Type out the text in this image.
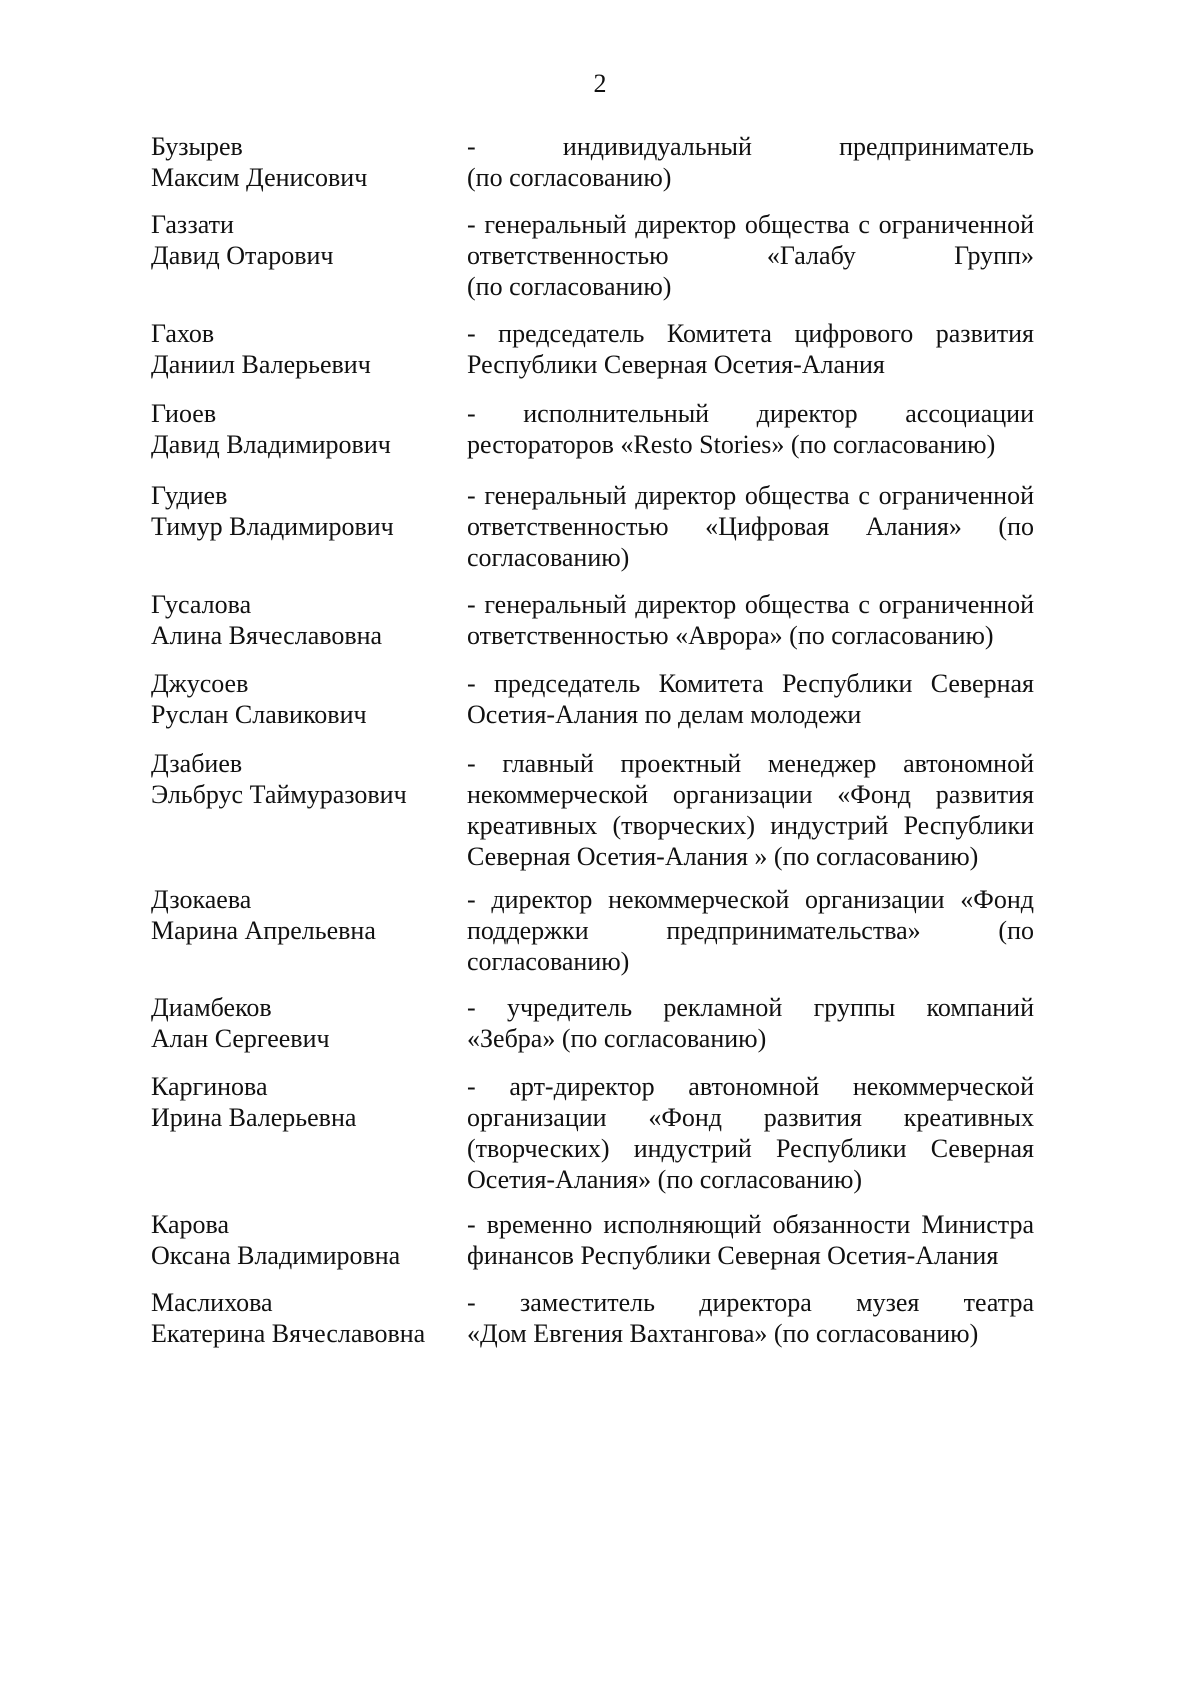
2
Бузырев
Максим Денисович
- индивидуальный предприниматель
(по согласованию)
Газзати
Давид Отарович
- генеральный директор общества с ограниченной
ответственностью «Галабу Групп»
(по согласованию)
Гахов
Даниил Валерьевич
- председатель Комитета цифрового развития
Республики Северная Осетия-Алания
Гиоев
Давид Владимирович
- исполнительный директор ассоциации
рестораторов «Resto Stories» (по согласованию)
Гудиев
Тимур Владимирович
- генеральный директор общества с ограниченной
ответственностью «Цифровая Алания» (по
согласованию)
Гусалова
Алина Вячеславовна
- генеральный директор общества с ограниченной
ответственностью «Аврора» (по согласованию)
Джусоев
Руслан Славикович
- председатель Комитета Республики Северная
Осетия-Алания по делам молодежи
Дзабиев
Эльбрус Таймуразович
- главный проектный менеджер автономной
некоммерческой организации «Фонд развития
креативных (творческих) индустрий Республики
Северная Осетия-Алания » (по согласованию)
Дзокаева
Марина Апрельевна
- директор некоммерческой организации «Фонд
поддержки предпринимательства» (по
согласованию)
Диамбеков
Алан Сергеевич
- учредитель рекламной группы компаний
«Зебра» (по согласованию)
Каргинова
Ирина Валерьевна
- арт-директор автономной некоммерческой
организации «Фонд развития креативных
(творческих) индустрий Республики Северная
Осетия-Алания» (по согласованию)
Карова
Оксана Владимировна
- временно исполняющий обязанности Министра
финансов Республики Северная Осетия-Алания
Маслихова
Екатерина Вячеславовна
- заместитель директора музея театра
«Дом Евгения Вахтангова» (по согласованию)
